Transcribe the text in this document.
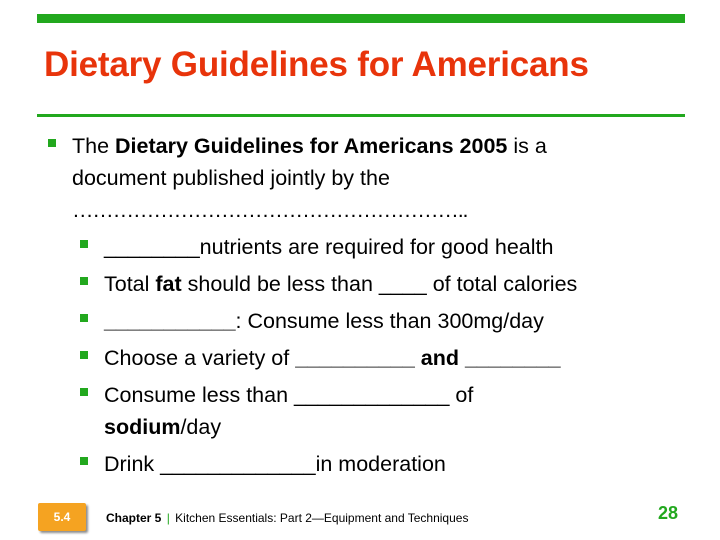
Dietary Guidelines for Americans
The Dietary Guidelines for Americans 2005 is a
document published jointly by the
…………………………………………………..
________nutrients are required for good health
Total fat should be less than ____ of total calories
___________: Consume less than 300mg/day
Choose a variety of __________ and ________
Consume less than _____________ of
sodium/day
Drink _____________in moderation
5.4	Chapter 5 | Kitchen Essentials: Part 2—Equipment and Techniques	28
